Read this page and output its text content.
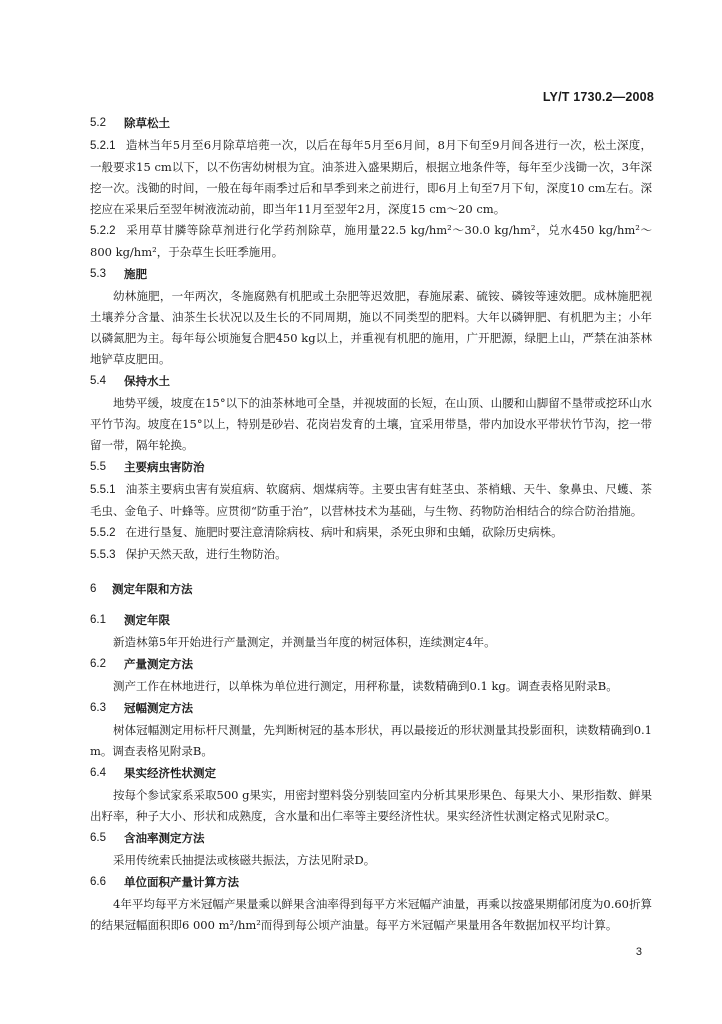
LY/T 1730.2—2008
5.2	除草松土
5.2.1 造林当年5月至6月除草培蔸一次，以后在每年5月至6月间，8月下旬至9月间各进行一次，松土深度，一般要求15 cm以下，以不伤害幼树根为宜。油茶进入盛果期后，根据立地条件等，每年至少浅锄一次，3年深挖一次。浅锄的时间，一般在每年雨季过后和旱季到来之前进行，即6月上旬至7月下旬，深度10 cm左右。深挖应在采果后至翌年树液流动前，即当年11月至翌年2月，深度15 cm～20 cm。
5.2.2 采用草甘膦等除草剂进行化学药剂除草，施用量22.5 kg/hm²～30.0 kg/hm²，兑水450 kg/hm²～800 kg/hm²，于杂草生长旺季施用。
5.3	施肥
幼林施肥，一年两次，冬施腐熟有机肥或土杂肥等迟效肥，春施尿素、硫铵、磷铵等速效肥。成林施肥视土壤养分含量、油茶生长状况以及生长的不同周期，施以不同类型的肥料。大年以磷钾肥、有机肥为主；小年以磷氮肥为主。每年每公顷施复合肥450 kg以上，并重视有机肥的施用，广开肥源，绿肥上山，严禁在油茶林地铲草皮肥田。
5.4	保持水土
地势平缓，坡度在15°以下的油茶林地可全垦，并视坡面的长短，在山顶、山腰和山脚留不垦带或挖环山水平竹节沟。坡度在15°以上，特别是砂岩、花岗岩发育的土壤，宜采用带垦，带内加设水平带状竹节沟，挖一带留一带，隔年轮换。
5.5	主要病虫害防治
5.5.1 油茶主要病虫害有炭疽病、软腐病、烟煤病等。主要虫害有蛀茎虫、茶梢蛾、天牛、象鼻虫、尺蠖、茶毛虫、金龟子、叶蜂等。应贯彻“防重于治”，以营林技术为基础，与生物、药物防治相结合的综合防治措施。
5.5.2 在进行垦复、施肥时要注意清除病枝、病叶和病果，杀死虫卵和虫蛹，砍除历史病株。
5.5.3 保护天然天敌，进行生物防治。
6	测定年限和方法
6.1	测定年限
新造林第5年开始进行产量测定，并测量当年度的树冠体积，连续测定4年。
6.2	产量测定方法
测产工作在林地进行，以单株为单位进行测定，用秤称量，读数精确到0.1 kg。调查表格见附录B。
6.3	冠幅测定方法
树体冠幅测定用标杆尺测量，先判断树冠的基本形状，再以最接近的形状测量其投影面积，读数精确到0.1 m。调查表格见附录B。
6.4	果实经济性状测定
按每个参试家系采取500 g果实，用密封塑料袋分别装回室内分析其果形果色、每果大小、果形指数、鲜果出籽率，种子大小、形状和成熟度，含水量和出仁率等主要经济性状。果实经济性状测定格式见附录C。
6.5	含油率测定方法
采用传统索氏抽提法或核磁共振法，方法见附录D。
6.6	单位面积产量计算方法
4年平均每平方米冠幅产果量乘以鲜果含油率得到每平方米冠幅产油量，再乘以按盛果期郁闭度为0.60折算的结果冠幅面积即6 000 m²/hm²而得到每公顷产油量。每平方米冠幅产果量用各年数据加权平均计算。
3
